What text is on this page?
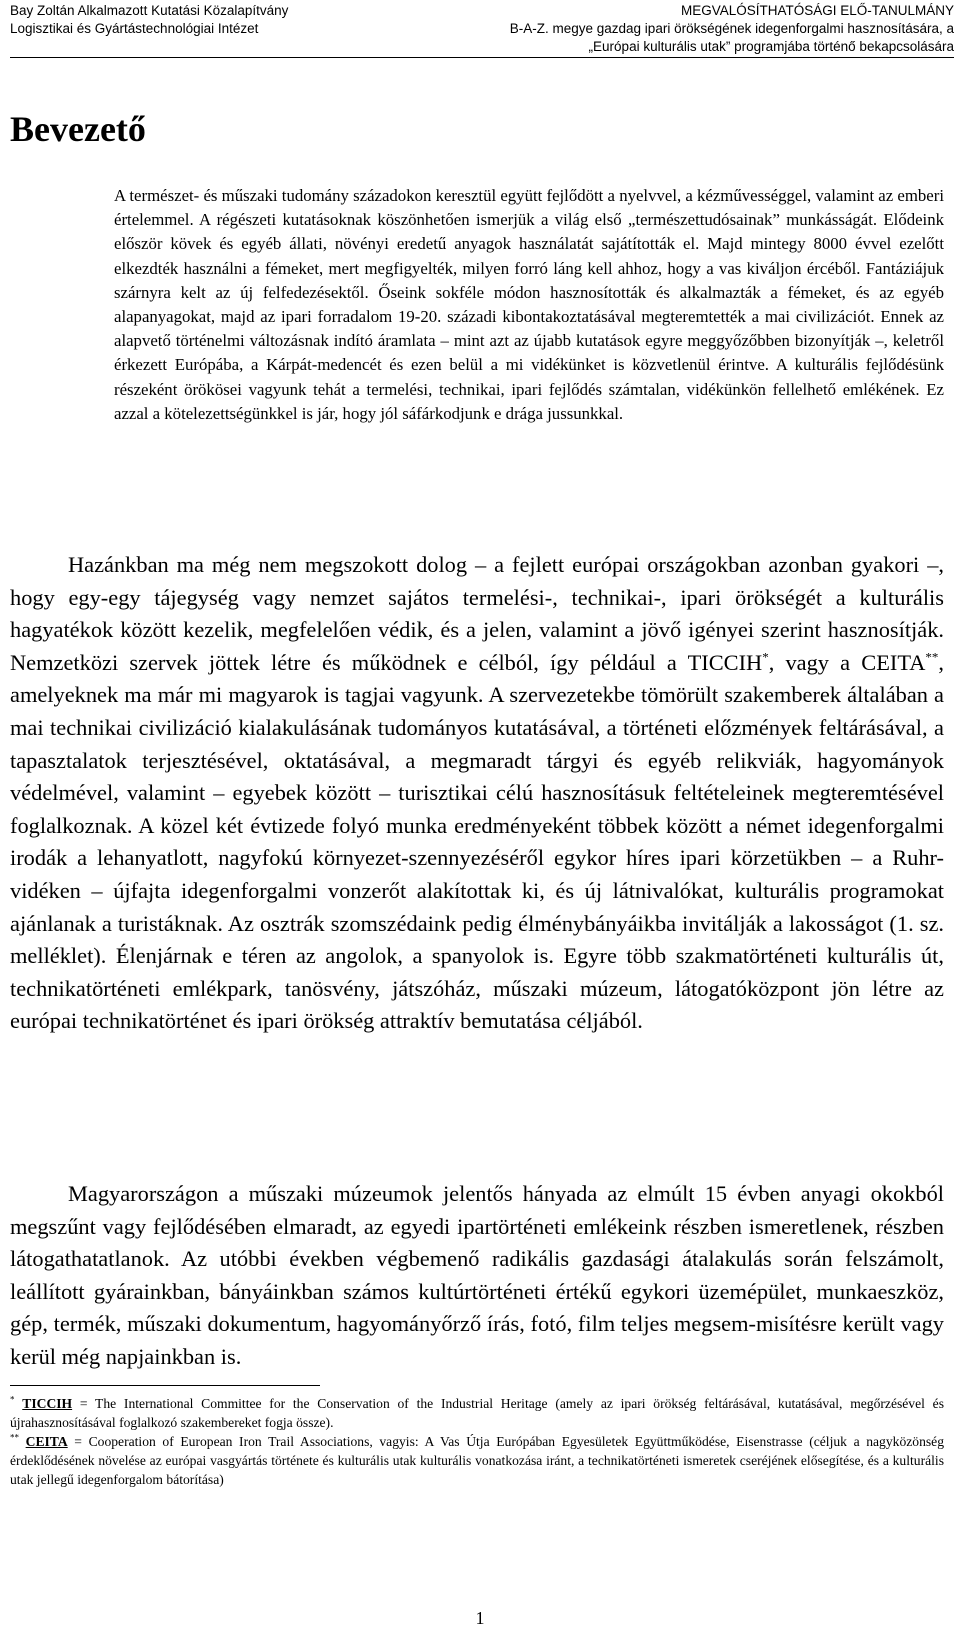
Bay Zoltán Alkalmazott Kutatási Közalapítvány
Logisztikai és Gyártástechnológiai Intézet
MEGVALÓSÍTHATÓSÁGI ELŐ-TANULMÁNY
B-A-Z. megye gazdag ipari örökségének idegenforgalmi hasznosítására, a
„Európai kulturális utak” programjába történő bekapcsolására
Bevezető

A természet- és műszaki tudomány századokon keresztül együtt fejlődött a nyelvvel, a kézművességgel, valamint az emberi értelemmel. A régészeti kutatásoknak köszönhetően ismerjük a világ első „természettudósainak” munkásságát. Elődeink először kövek és egyéb állati, növényi eredetű anyagok használatát sajátították el. Majd mintegy 8000 évvel ezelőtt elkezdték használni a fémeket, mert megfigyelték, milyen forró láng kell ahhoz, hogy a vas kiváljon ércéből. Fantáziájuk szárnyra kelt az új felfedezésektől. Őseink sokféle módon hasznosították és alkalmazták a fémeket, és az egyéb alapanyagokat, majd az ipari forradalom 19-20. századi kibontakoztatásával megteremtették a mai civilizációt. Ennek az alapvető történelmi változásnak indító áramlata – mint azt az újabb kutatások egyre meggyőzőbben bizonyítják –, keletről érkezett Európába, a Kárpát-medencét és ezen belül a mi vidékünket is közvetlenül érintve. A kulturális fejlődésünk részeként örökösei vagyunk tehát a termelési, technikai, ipari fejlődés számtalan, vidékünkön fellelhető emlékének. Ez azzal a kötelezettségünkkel is jár, hogy jól sáfárkodjunk e drága jussunkkal.

Hazánkban ma még nem megszokott dolog – a fejlett európai országokban azonban gyakori –, hogy egy-egy tájegység vagy nemzet sajátos termelési-, technikai-, ipari örökségét a kulturális hagyatékok között kezelik, megfelelően védik, és a jelen, valamint a jövő igényei szerint hasznosítják. Nemzetközi szervek jöttek létre és működnek e célból, így például a TICCIH*, vagy a CEITA**, amelyeknek ma már mi magyarok is tagjai vagyunk. A szervezetekbe tömörült szakemberek általában a mai technikai civilizáció kialakulásának tudományos kutatásával, a történeti előzmények feltárásával, a tapasztalatok terjesztésével, oktatásával, a megmaradt tárgyi és egyéb relikviák, hagyományok védelmével, valamint – egyebek között – turisztikai célú hasznosításuk feltételeinek megteremtésével foglalkoznak. A közel két évtizede folyó munka eredményeként többek között a német idegenforgalmi irodák a lehanyatlott, nagyfokú környezet-szennyezéséről egykor híres ipari körzetükben – a Ruhr-vidéken – újfajta idegenforgalmi vonzerőt alakítottak ki, és új látnivalókat, kulturális programokat ajánlanak a turistáknak. Az osztrák szomszédaink pedig élménybányáikba invitálják a lakosságot (1. sz. melléklet). Élenjárnak e téren az angolok, a spanyolok is. Egyre több szakmatörténeti kulturális út, technikatörténeti emlékpark, tanösvény, játszóház, műszaki múzeum, látogatóközpont jön létre az európai technikatörténet és ipari örökség attraktív bemutatása céljából.

Magyarországon a műszaki múzeumok jelentős hányada az elmúlt 15 évben anyagi okokból megszűnt vagy fejlődésében elmaradt, az egyedi ipartörténeti emlékeink részben ismeretlenek, részben látogathatatlanok. Az utóbbi években végbemenő radikális gazdasági átalakulás során felszámolt, leállított gyárainkban, bányáinkban számos kultúrtörténeti értékű egykori üzemépület, munkaeszköz, gép, termék, műszaki dokumentum, hagyományőrző írás, fotó, film teljes megsem-misítésre került vagy kerül még napjainkban is.

* TICCIH = The International Committee for the Conservation of the Industrial Heritage (amely az ipari örökség feltárásával, kutatásával, megőrzésével és újrahasznosításával foglalkozó szakembereket fogja össze).

** CEITA = Cooperation of European Iron Trail Associations, vagyis: A Vas Útja Európában Egyesületek Együttműködése, Eisenstrasse (céljuk a nagyközönség érdeklődésének növelése az európai vasgyártás története és kulturális utak kulturális vonatkozása iránt, a technikatörténeti ismeretek cseréjének elősegítése, és a kulturális utak jellegű idegenforgalom bátorítása)

1
